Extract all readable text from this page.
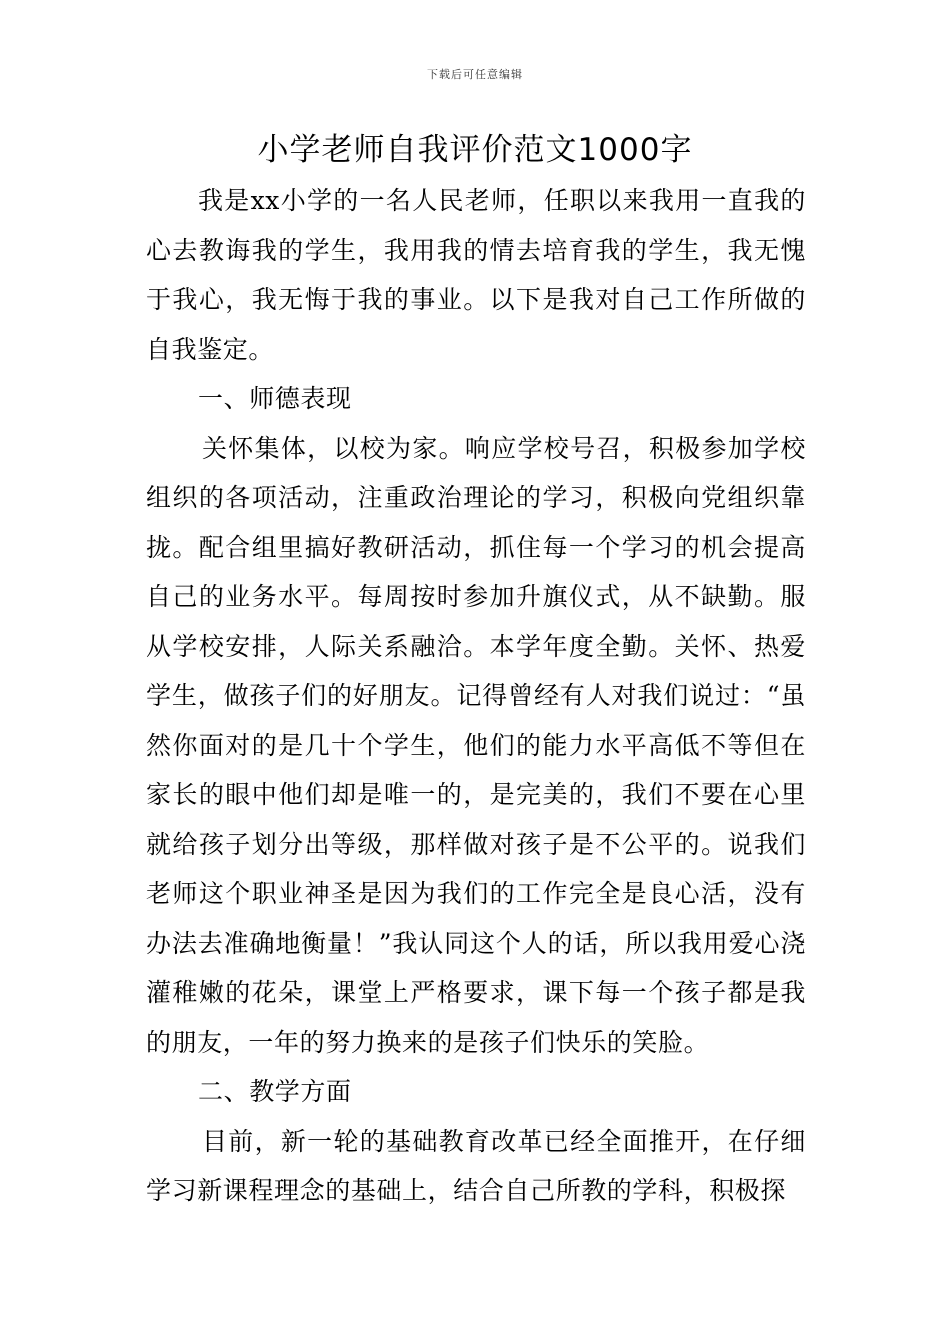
下载后可任意编辑
小学老师自我评价范文1000字

我是xx小学的一名人民老师，任职以来我用一直我的心去教诲我的学生，我用我的情去培育我的学生，我无愧于我心，我无悔于我的事业。以下是我对自己工作所做的自我鉴定。

一、师德表现

关怀集体，以校为家。响应学校号召，积极参加学校组织的各项活动，注重政治理论的学习，积极向党组织靠拢。配合组里搞好教研活动，抓住每一个学习的机会提高自己的业务水平。每周按时参加升旗仪式，从不缺勤。服从学校安排，人际关系融洽。本学年度全勤。关怀、热爱学生，做孩子们的好朋友。记得曾经有人对我们说过：“虽然你面对的是几十个学生，他们的能力水平高低不等但在家长的眼中他们却是唯一的，是完美的，我们不要在心里就给孩子划分出等级，那样做对孩子是不公平的。说我们老师这个职业神圣是因为我们的工作完全是良心活，没有办法去准确地衡量！”我认同这个人的话，所以我用爱心浇灌稚嫩的花朵，课堂上严格要求，课下每一个孩子都是我的朋友，一年的努力换来的是孩子们快乐的笑脸。

二、教学方面

目前，新一轮的基础教育改革已经全面推开，在仔细学习新课程理念的基础上，结合自己所教的学科，积极探
